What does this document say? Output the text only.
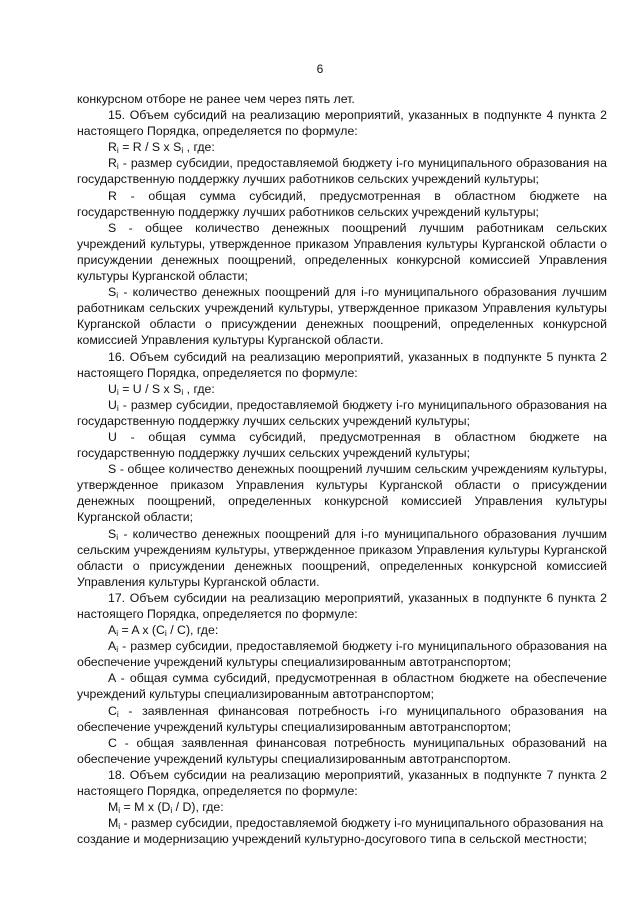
6

конкурсном отборе не ранее чем через пять лет.

15. Объем субсидий на реализацию мероприятий, указанных в подпункте 4 пункта 2 настоящего Порядка, определяется по формуле:

$R_i = R / S$ x $S_i$ , где:

$R_i$ - размер субсидии, предоставляемой бюджету i-го муниципального образования на государственную поддержку лучших работников сельских учреждений культуры;

R - общая сумма субсидий, предусмотренная в областном бюджете на государственную поддержку лучших работников сельских учреждений культуры;

S - общее количество денежных поощрений лучшим работникам сельских учреждений культуры, утвержденное приказом Управления культуры Курганской области о присуждении денежных поощрений, определенных конкурсной комиссией Управления культуры Курганской области;

$S_i$ - количество денежных поощрений для i-го муниципального образования лучшим работникам сельских учреждений культуры, утвержденное приказом Управления культуры Курганской области о присуждении денежных поощрений, определенных конкурсной комиссией Управления культуры Курганской области.

16. Объем субсидий на реализацию мероприятий, указанных в подпункте 5 пункта 2 настоящего Порядка, определяется по формуле:

$U_i = U / S$ x $S_i$ , где:

$U_i$ - размер субсидии, предоставляемой бюджету i-го муниципального образования на государственную поддержку лучших сельских учреждений культуры;

U - общая сумма субсидий, предусмотренная в областном бюджете на государственную поддержку лучших сельских учреждений культуры;

S - общее количество денежных поощрений лучшим сельским учреждениям культуры, утвержденное приказом Управления культуры Курганской области о присуждении денежных поощрений, определенных конкурсной комиссией Управления культуры Курганской области;

$S_i$ - количество денежных поощрений для i-го муниципального образования лучшим сельским учреждениям культуры, утвержденное приказом Управления культуры Курганской области о присуждении денежных поощрений, определенных конкурсной комиссией Управления культуры Курганской области.

17. Объем субсидии на реализацию мероприятий, указанных в подпункте 6 пункта 2 настоящего Порядка, определяется по формуле:

$A_i = A$ x $(C_i / C)$, где:

$A_i$ - размер субсидии, предоставляемой бюджету i-го муниципального образования на обеспечение учреждений культуры специализированным автотранспортом;

A - общая сумма субсидий, предусмотренная в областном бюджете на обеспечение учреждений культуры специализированным автотранспортом;

$C_i$ - заявленная финансовая потребность i-го муниципального образования на обеспечение учреждений культуры специализированным автотранспортом;

C - общая заявленная финансовая потребность муниципальных образований на обеспечение учреждений культуры специализированным автотранспортом.

18. Объем субсидии на реализацию мероприятий, указанных в подпункте 7 пункта 2 настоящего Порядка, определяется по формуле:

$M_i = M$ x $(D_i / D)$, где:

$M_i$ - размер субсидии, предоставляемой бюджету i-го муниципального образования на создание и модернизацию учреждений культурно-досугового типа в сельской местности;
